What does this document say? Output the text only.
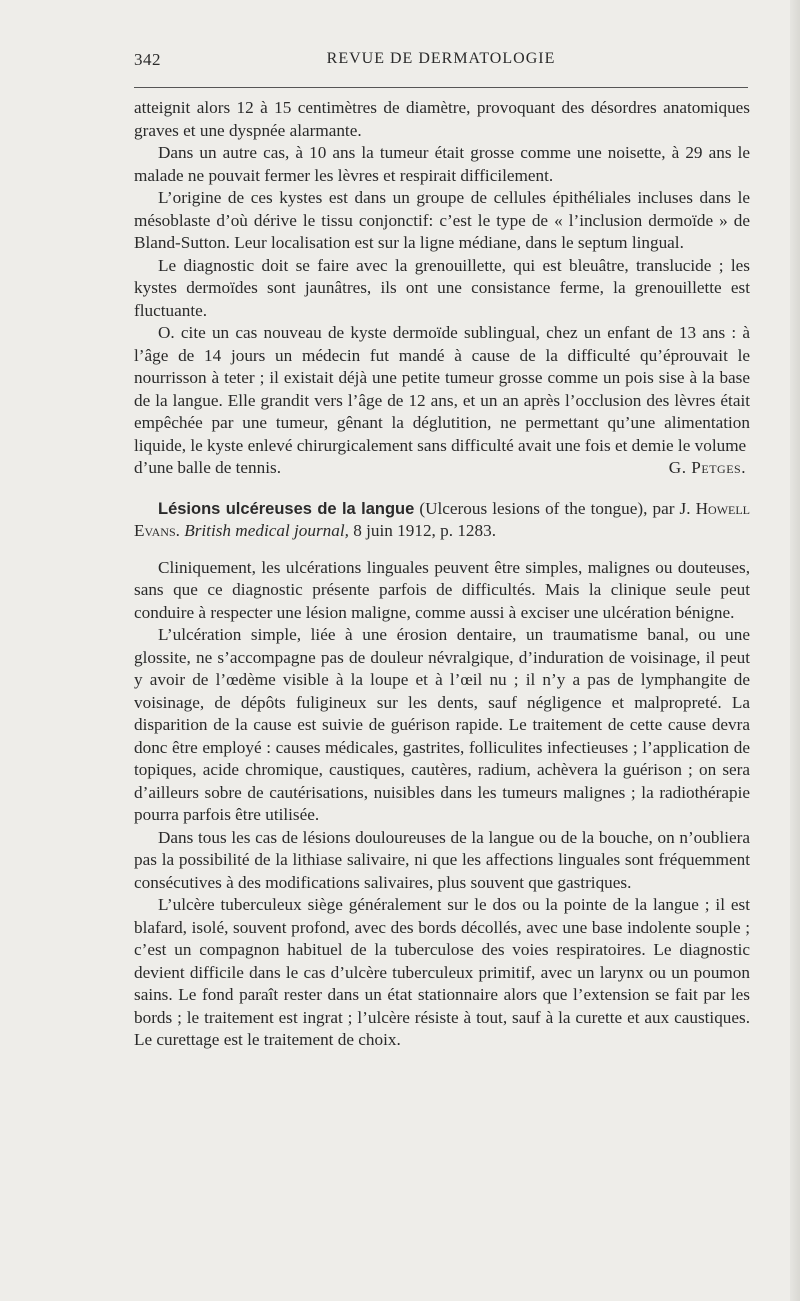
342	REVUE DE DERMATOLOGIE

atteignit alors 12 à 15 centimètres de diamètre, provoquant des désordres anatomiques graves et une dyspnée alarmante.

Dans un autre cas, à 10 ans la tumeur était grosse comme une noisette, à 29 ans le malade ne pouvait fermer les lèvres et respirait difficilement.

L’origine de ces kystes est dans un groupe de cellules épithéliales incluses dans le mésoblaste d’où dérive le tissu conjonctif: c’est le type de « l’inclusion dermoïde » de Bland-Sutton. Leur localisation est sur la ligne médiane, dans le septum lingual.

Le diagnostic doit se faire avec la grenouillette, qui est bleuâtre, translucide ; les kystes dermoïdes sont jaunâtres, ils ont une consistance ferme, la grenouillette est fluctuante.

O. cite un cas nouveau de kyste dermoïde sublingual, chez un enfant de 13 ans : à l’âge de 14 jours un médecin fut mandé à cause de la difficulté qu’éprouvait le nourrisson à teter ; il existait déjà une petite tumeur grosse comme un pois sise à la base de la langue. Elle grandit vers l’âge de 12 ans, et un an après l’occlusion des lèvres était empêchée par une tumeur, gênant la déglutition, ne permettant qu’une alimentation liquide, le kyste enlevé chirurgicalement sans difficulté avait une fois et demie le volume

d’une balle de tennis.	G. Petges.

Lésions ulcéreuses de la langue (Ulcerous lesions of the tongue), par J. Howell Evans. British medical journal, 8 juin 1912, p. 1283.

Cliniquement, les ulcérations linguales peuvent être simples, malignes ou douteuses, sans que ce diagnostic présente parfois de difficultés. Mais la clinique seule peut conduire à respecter une lésion maligne, comme aussi à exciser une ulcération bénigne.

L’ulcération simple, liée à une érosion dentaire, un traumatisme banal, ou une glossite, ne s’accompagne pas de douleur névralgique, d’induration de voisinage, il peut y avoir de l’œdème visible à la loupe et à l’œil nu ; il n’y a pas de lymphangite de voisinage, de dépôts fuligineux sur les dents, sauf négligence et malpropreté. La disparition de la cause est suivie de guérison rapide. Le traitement de cette cause devra donc être employé : causes médicales, gastrites, folliculites infectieuses ; l’application de topiques, acide chromique, caustiques, cautères, radium, achèvera la guérison ; on sera d’ailleurs sobre de cautérisations, nuisibles dans les tumeurs malignes ; la radiothérapie pourra parfois être utilisée.

Dans tous les cas de lésions douloureuses de la langue ou de la bouche, on n’oubliera pas la possibilité de la lithiase salivaire, ni que les affections linguales sont fréquemment consécutives à des modifications salivaires, plus souvent que gastriques.

L’ulcère tuberculeux siège généralement sur le dos ou la pointe de la langue ; il est blafard, isolé, souvent profond, avec des bords décollés, avec une base indolente souple ; c’est un compagnon habituel de la tuberculose des voies respiratoires. Le diagnostic devient difficile dans le cas d’ulcère tuberculeux primitif, avec un larynx ou un poumon sains. Le fond paraît rester dans un état stationnaire alors que l’extension se fait par les bords ; le traitement est ingrat ; l’ulcère résiste à tout, sauf à la curette et aux caustiques. Le curettage est le traitement de choix.
